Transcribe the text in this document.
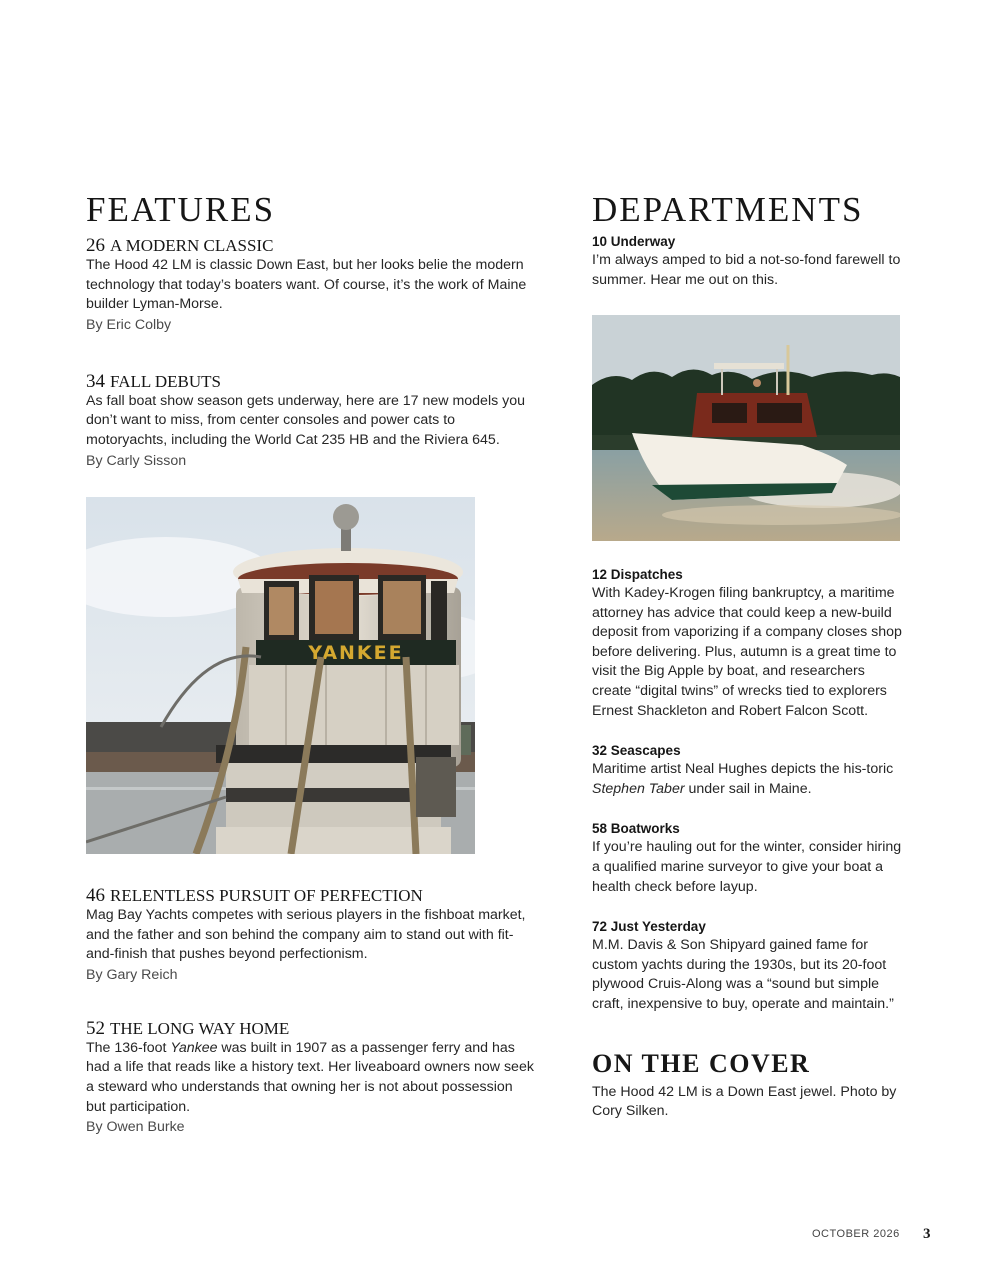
FEATURES
26 A MODERN CLASSIC
The Hood 42 LM is classic Down East, but her looks belie the modern technology that today’s boaters want. Of course, it’s the work of Maine builder Lyman-Morse.
By Eric Colby
34 FALL DEBUTS
As fall boat show season gets underway, here are 17 new models you don’t want to miss, from center consoles and power cats to motoryachts, including the World Cat 235 HB and the Riviera 645.
By Carly Sisson
YANKEE
46 RELENTLESS PURSUIT OF PERFECTION
Mag Bay Yachts competes with serious players in the fishboat market, and the father and son behind the company aim to stand out with fit-and-finish that pushes beyond perfectionism.
By Gary Reich
52 THE LONG WAY HOME
The 136-foot Yankee was built in 1907 as a passenger ferry and has had a life that reads like a history text. Her liveaboard owners now seek a steward who understands that owning her is not about possession but participation.
By Owen Burke
DEPARTMENTS
10 Underway
I’m always amped to bid a not-so-fond farewell to summer. Hear me out on this.
12 Dispatches
With Kadey-Krogen filing bankruptcy, a maritime attorney has advice that could keep a new-build deposit from vaporizing if a company closes shop before delivering. Plus, autumn is a great time to visit the Big Apple by boat, and researchers create “digital twins” of wrecks tied to explorers Ernest Shackleton and Robert Falcon Scott.
32 Seascapes
Maritime artist Neal Hughes depicts the his-toric Stephen Taber under sail in Maine.
58 Boatworks
If you’re hauling out for the winter, consider hiring a qualified marine surveyor to give your boat a health check before layup.
72 Just Yesterday
M.M. Davis & Son Shipyard gained fame for custom yachts during the 1930s, but its 20-foot plywood Cruis-Along was a “sound but simple craft, inexpensive to buy, operate and maintain.”
ON THE COVER
The Hood 42 LM is a Down East jewel. Photo by Cory Silken.
OCTOBER 2026 3
